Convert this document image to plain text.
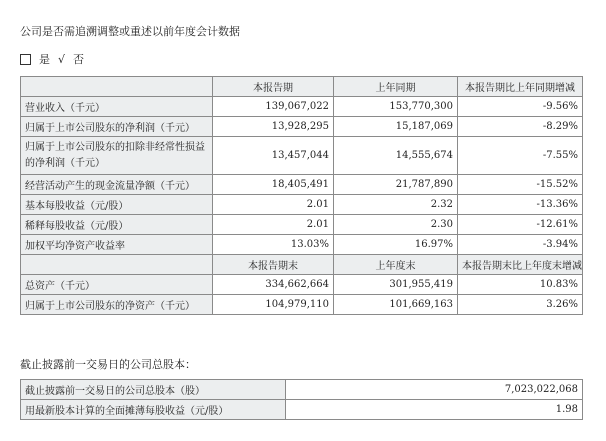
公司是否需追溯调整或重述以前年度会计数据
是 √ 否
	本报告期	上年同期	本报告期比上年同期增减
营业收入（千元）	139,067,022	153,770,300	-9.56%
归属于上市公司股东的净利润（千元）	13,928,295	15,187,069	-8.29%
归属于上市公司股东的扣除非经常性损益的净利润（千元）	13,457,044	14,555,674	-7.55%
经营活动产生的现金流量净额（千元）	18,405,491	21,787,890	-15.52%
基本每股收益（元/股）	2.01	2.32	-13.36%
稀释每股收益（元/股）	2.01	2.30	-12.61%
加权平均净资产收益率	13.03%	16.97%	-3.94%
	本报告期末	上年度末	本报告期末比上年度末增减
总资产（千元）	334,662,664	301,955,419	10.83%
归属于上市公司股东的净资产（千元）	104,979,110	101,669,163	3.26%
截止披露前一交易日的公司总股本：
截止披露前一交易日的公司总股本（股）	7,023,022,068
用最新股本计算的全面摊薄每股收益（元/股）	1.98
